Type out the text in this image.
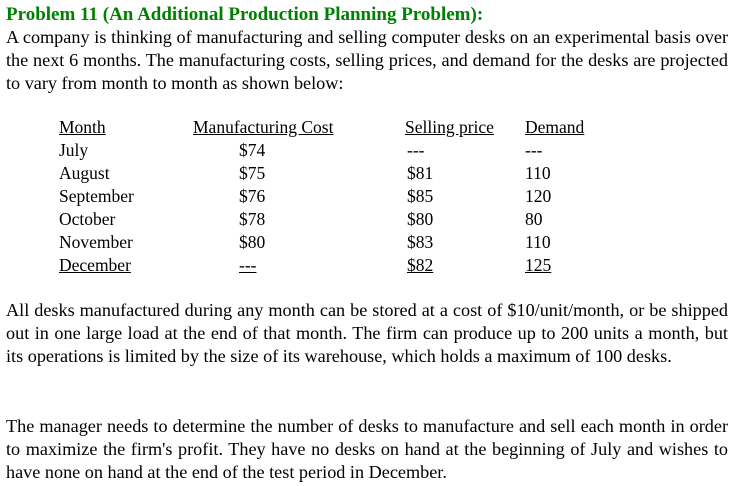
Problem 11 (An Additional Production Planning Problem):

A company is thinking of manufacturing and selling computer desks on an experimental basis over the next 6 months. The manufacturing costs, selling prices, and demand for the desks are projected to vary from month to month as shown below:

Month	Manufacturing Cost	Selling price	Demand
July	$74	---	---
August	$75	$81	110
September	$76	$85	120
October	$78	$80	80
November	$80	$83	110
December	---	$82	125

All desks manufactured during any month can be stored at a cost of $10/unit/month, or be shipped out in one large load at the end of that month. The firm can produce up to 200 units a month, but its operations is limited by the size of its warehouse, which holds a maximum of 100 desks.

The manager needs to determine the number of desks to manufacture and sell each month in order to maximize the firm's profit. They have no desks on hand at the beginning of July and wishes to have none on hand at the end of the test period in December.
